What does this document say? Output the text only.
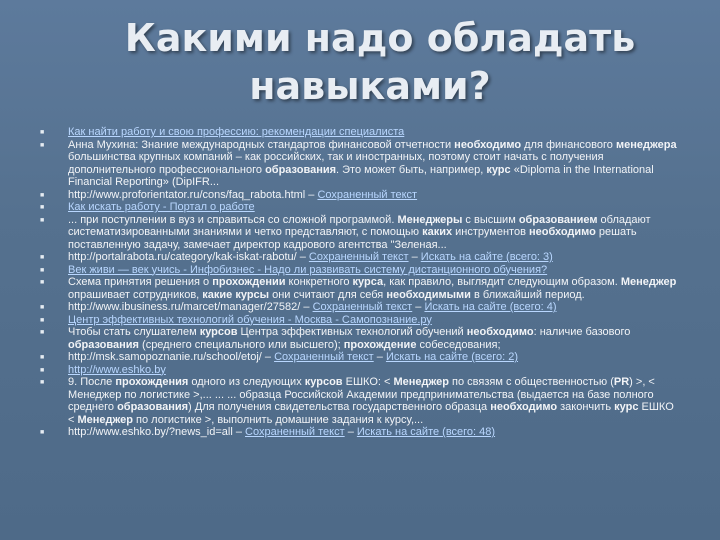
Какими надо обладать
навыками?
■
Как найти работу и свою профессию: рекомендации специалиста
■
Анна Мухина: Знание международных стандартов финансовой отчетности необходимо для финансового менеджера большинства крупных компаний – как российских, так и иностранных, поэтому стоит начать с получения дополнительного профессионального образования. Это может быть, например, курс «Diploma in the International Financial Reporting» (DipIFR...
■
http://www.proforientator.ru/cons/faq_rabota.html – Сохраненный текст
■
Как искать работу - Портал о работе
■
... при поступлении в вуз и справиться со сложной программой. Менеджеры с высшим образованием обладают систематизированными знаниями и четко представляют, с помощью каких инструментов необходимо решать поставленную задачу, замечает директор кадрового агентства "Зеленая...
■
http://portalrabota.ru/category/kak-iskat-rabotu/ – Сохраненный текст – Искать на сайте (всего: 3)
■
Век живи — век учись - Инфобизнес - Надо ли развивать систему дистанционного обучения?
■
Схема принятия решения о прохождении конкретного курса, как правило, выглядит следующим образом. Менеджер опрашивает сотрудников, какие курсы они считают для себя необходимыми в ближайший период.
■
http://www.ibusiness.ru/marcet/manager/27582/ – Сохраненный текст – Искать на сайте (всего: 4)
■
Центр эффективных технологий обучения - Москва - Самопознание.ру
■
Чтобы стать слушателем курсов Центра эффективных технологий обучений необходимо: наличие базового образования (среднего специального или высшего); прохождение собеседования;
■
http://msk.samopoznanie.ru/school/etoj/ – Сохраненный текст – Искать на сайте (всего: 2)
■
http://www.eshko.by
■
9. После прохождения одного из следующих курсов ЕШКО: < Менеджер по связям с общественностью (PR) >, < Менеджер по логистике >,... ... ... образца Российской Академии предпринимательства (выдается на базе полного среднего образования) Для получения свидетельства государственного образца необходимо закончить курс ЕШКО < Менеджер по логистике >, выполнить домашние задания к курсу,...
■
http://www.eshko.by/?news_id=all – Сохраненный текст – Искать на сайте (всего: 48)
